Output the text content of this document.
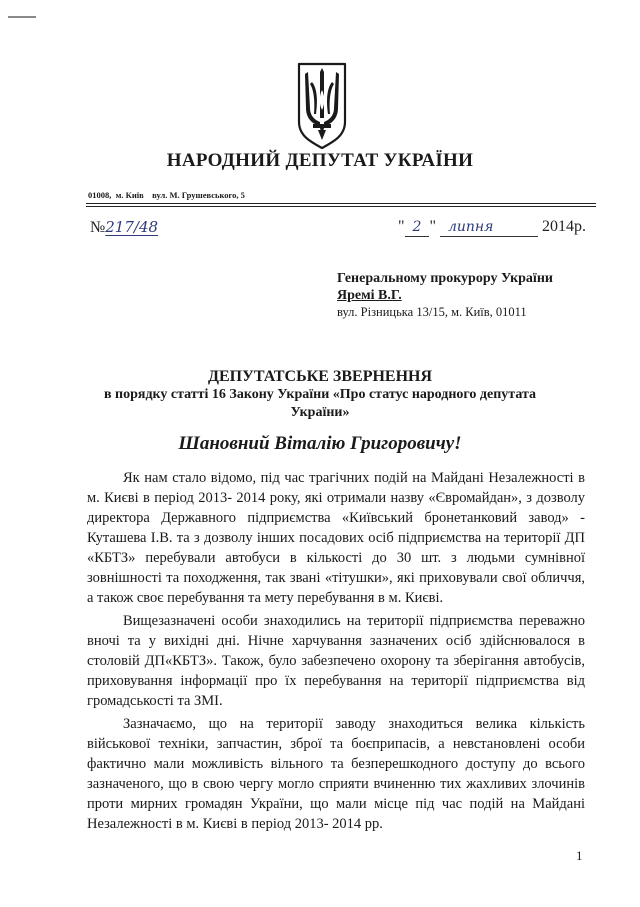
НАРОДНИЙ ДЕПУТАТ УКРАЇНИ
01008,  м. Київ    вул. М. Грушевського, 5
№217/48	" 2 " липня	2014р.
Генеральному прокурору України
Яремі В.Г.
вул. Різницька 13/15, м. Київ, 01011
ДЕПУТАТСЬКЕ ЗВЕРНЕННЯ
в порядку статті 16 Закону України «Про статус народного депутата
України»
Шановний Віталію Григоровичу!

Як нам стало відомо, під час трагічних подій на Майдані Незалежності в м. Києві в період 2013- 2014 року, які отримали назву «Євромайдан», з дозволу директора Державного підприємства «Київський бронетанковий завод» - Куташева І.В. та з дозволу інших посадових осіб підприємства на території ДП «КБТЗ» перебували автобуси в кількості до 30 шт. з людьми сумнівної зовнішності та походження, так звані «тітушки», які приховували свої обличчя, а також своє перебування та мету перебування в м. Києві.

Вищезазначені особи знаходились на території підприємства переважно вночі та у вихідні дні. Нічне харчування зазначених осіб здійснювалося в столовій ДП«КБТЗ». Також, було забезпечено охорону та зберігання автобусів, приховування інформації про їх перебування на території підприємства від громадськості та ЗМІ.

Зазначаємо, що на території заводу знаходиться велика кількість військової техніки, запчастин, зброї та боєприпасів, а невстановлені особи фактично мали можливість вільного та безперешкодного доступу до всього зазначеного, що в свою чергу могло сприяти вчиненню тих жахливих злочинів проти мирних громадян України, що мали місце під час подій на Майдані Незалежності в м. Києві в період 2013- 2014 рр.

1
